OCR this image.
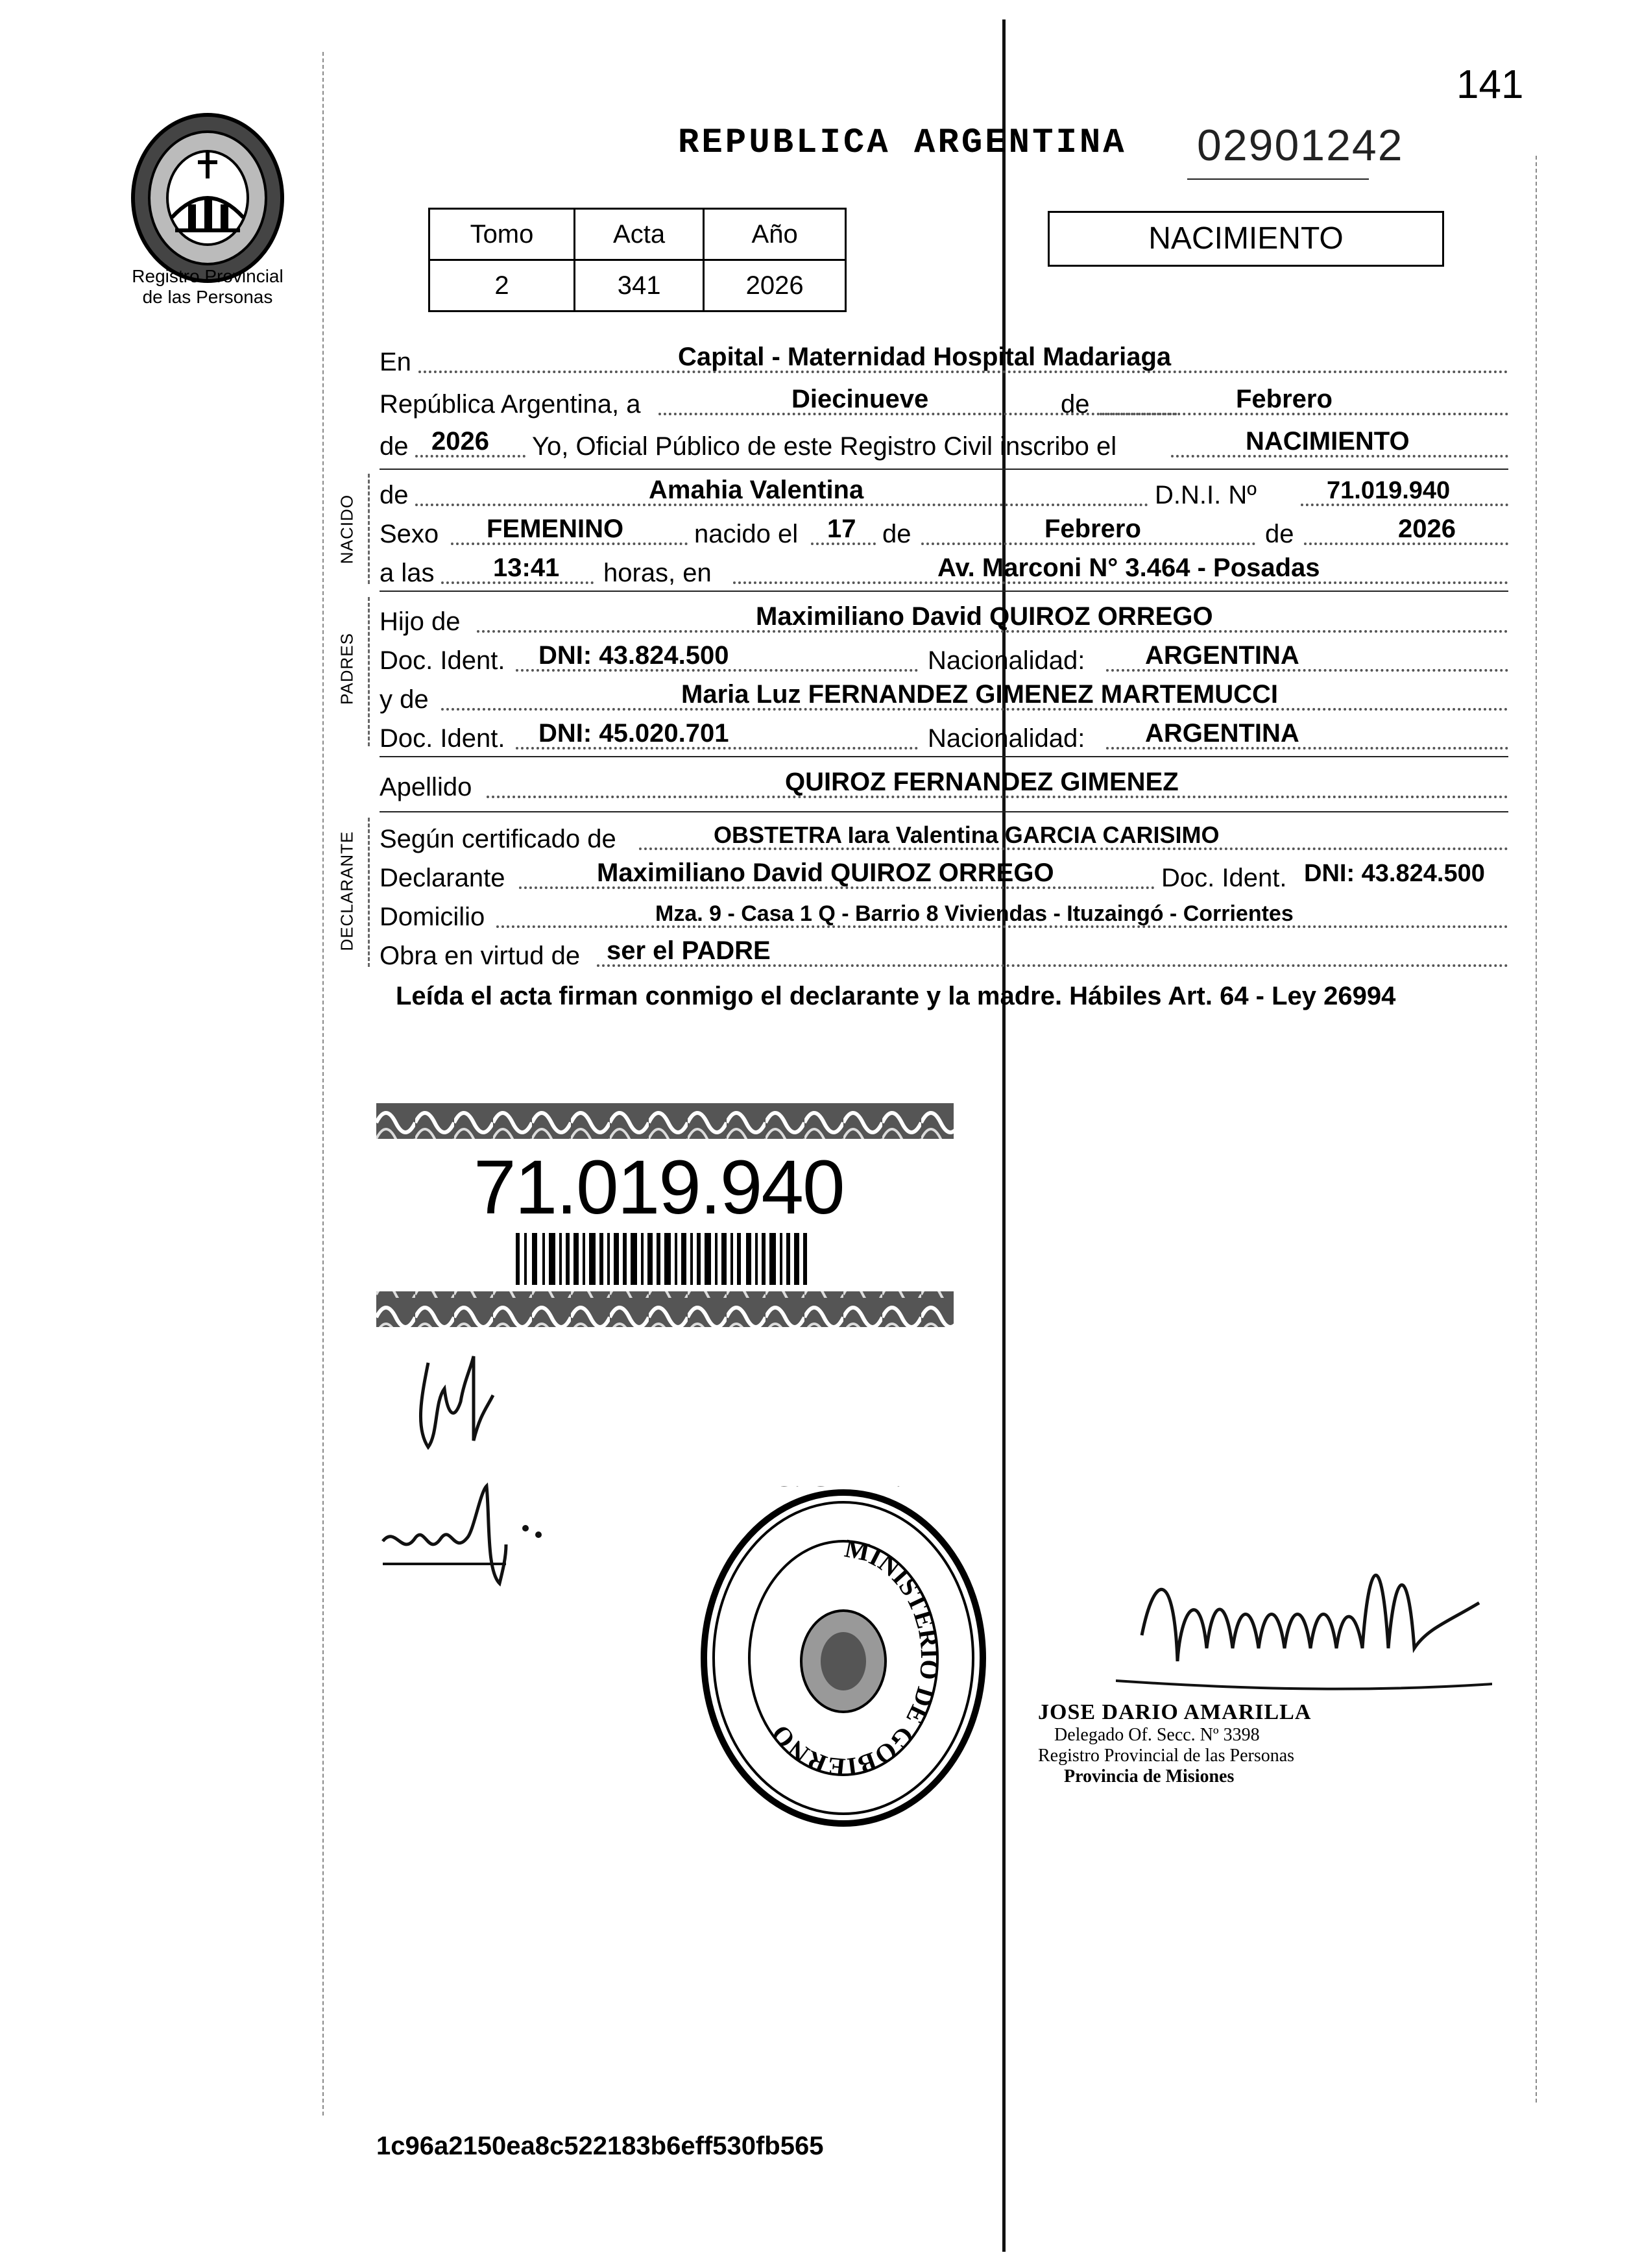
Registro Provincial
de las Personas
REPUBLICA ARGENTINA 02901242
141
Tomo	Acta	Año
2	341	2026
NACIMIENTO
En	Capital - Maternidad Hospital Madariaga
República Argentina, a	Diecinueve	de	Febrero
de 2026 Yo, Oficial Público de este Registro Civil inscribo el	NACIMIENTO
NACIDO de	Amahia Valentina	D.N.I. Nº	71.019.940
Sexo FEMENINO	nacido el 17 de	Febrero	de	2026
a las 13:41 horas, en	Av. Marconi N° 3.464 - Posadas
PADRES
Hijo de	Maximiliano David QUIROZ ORREGO
Doc. Ident. DNI: 43.824.500	Nacionalidad: ARGENTINA
y de	Maria Luz FERNANDEZ GIMENEZ MARTEMUCCI
Doc. Ident. DNI: 45.020.701	Nacionalidad: ARGENTINA
Apellido	QUIROZ FERNANDEZ GIMENEZ
DECLARANTE Según certificado de	OBSTETRA Iara Valentina GARCIA CARISIMO
Declarante	Maximiliano David QUIROZ ORREGO	Doc. Ident. DNI: 43.824.500
Domicilio	Mza. 9 - Casa 1 Q - Barrio 8 Viviendas - Ituzaingó - Corrientes
Obra en virtud de ser el PADRE
Leída el acta firman conmigo el declarante y la madre. Hábiles Art. 64 - Ley 26994
71.019.940
MINISTERIO DE GOBIERNO
JOSE DARIO AMARILLA
Delegado Of. Secc. Nº 3398
Registro Provincial de las Personas
Provincia de Misiones
1c96a2150ea8c522183b6eff530fb565
